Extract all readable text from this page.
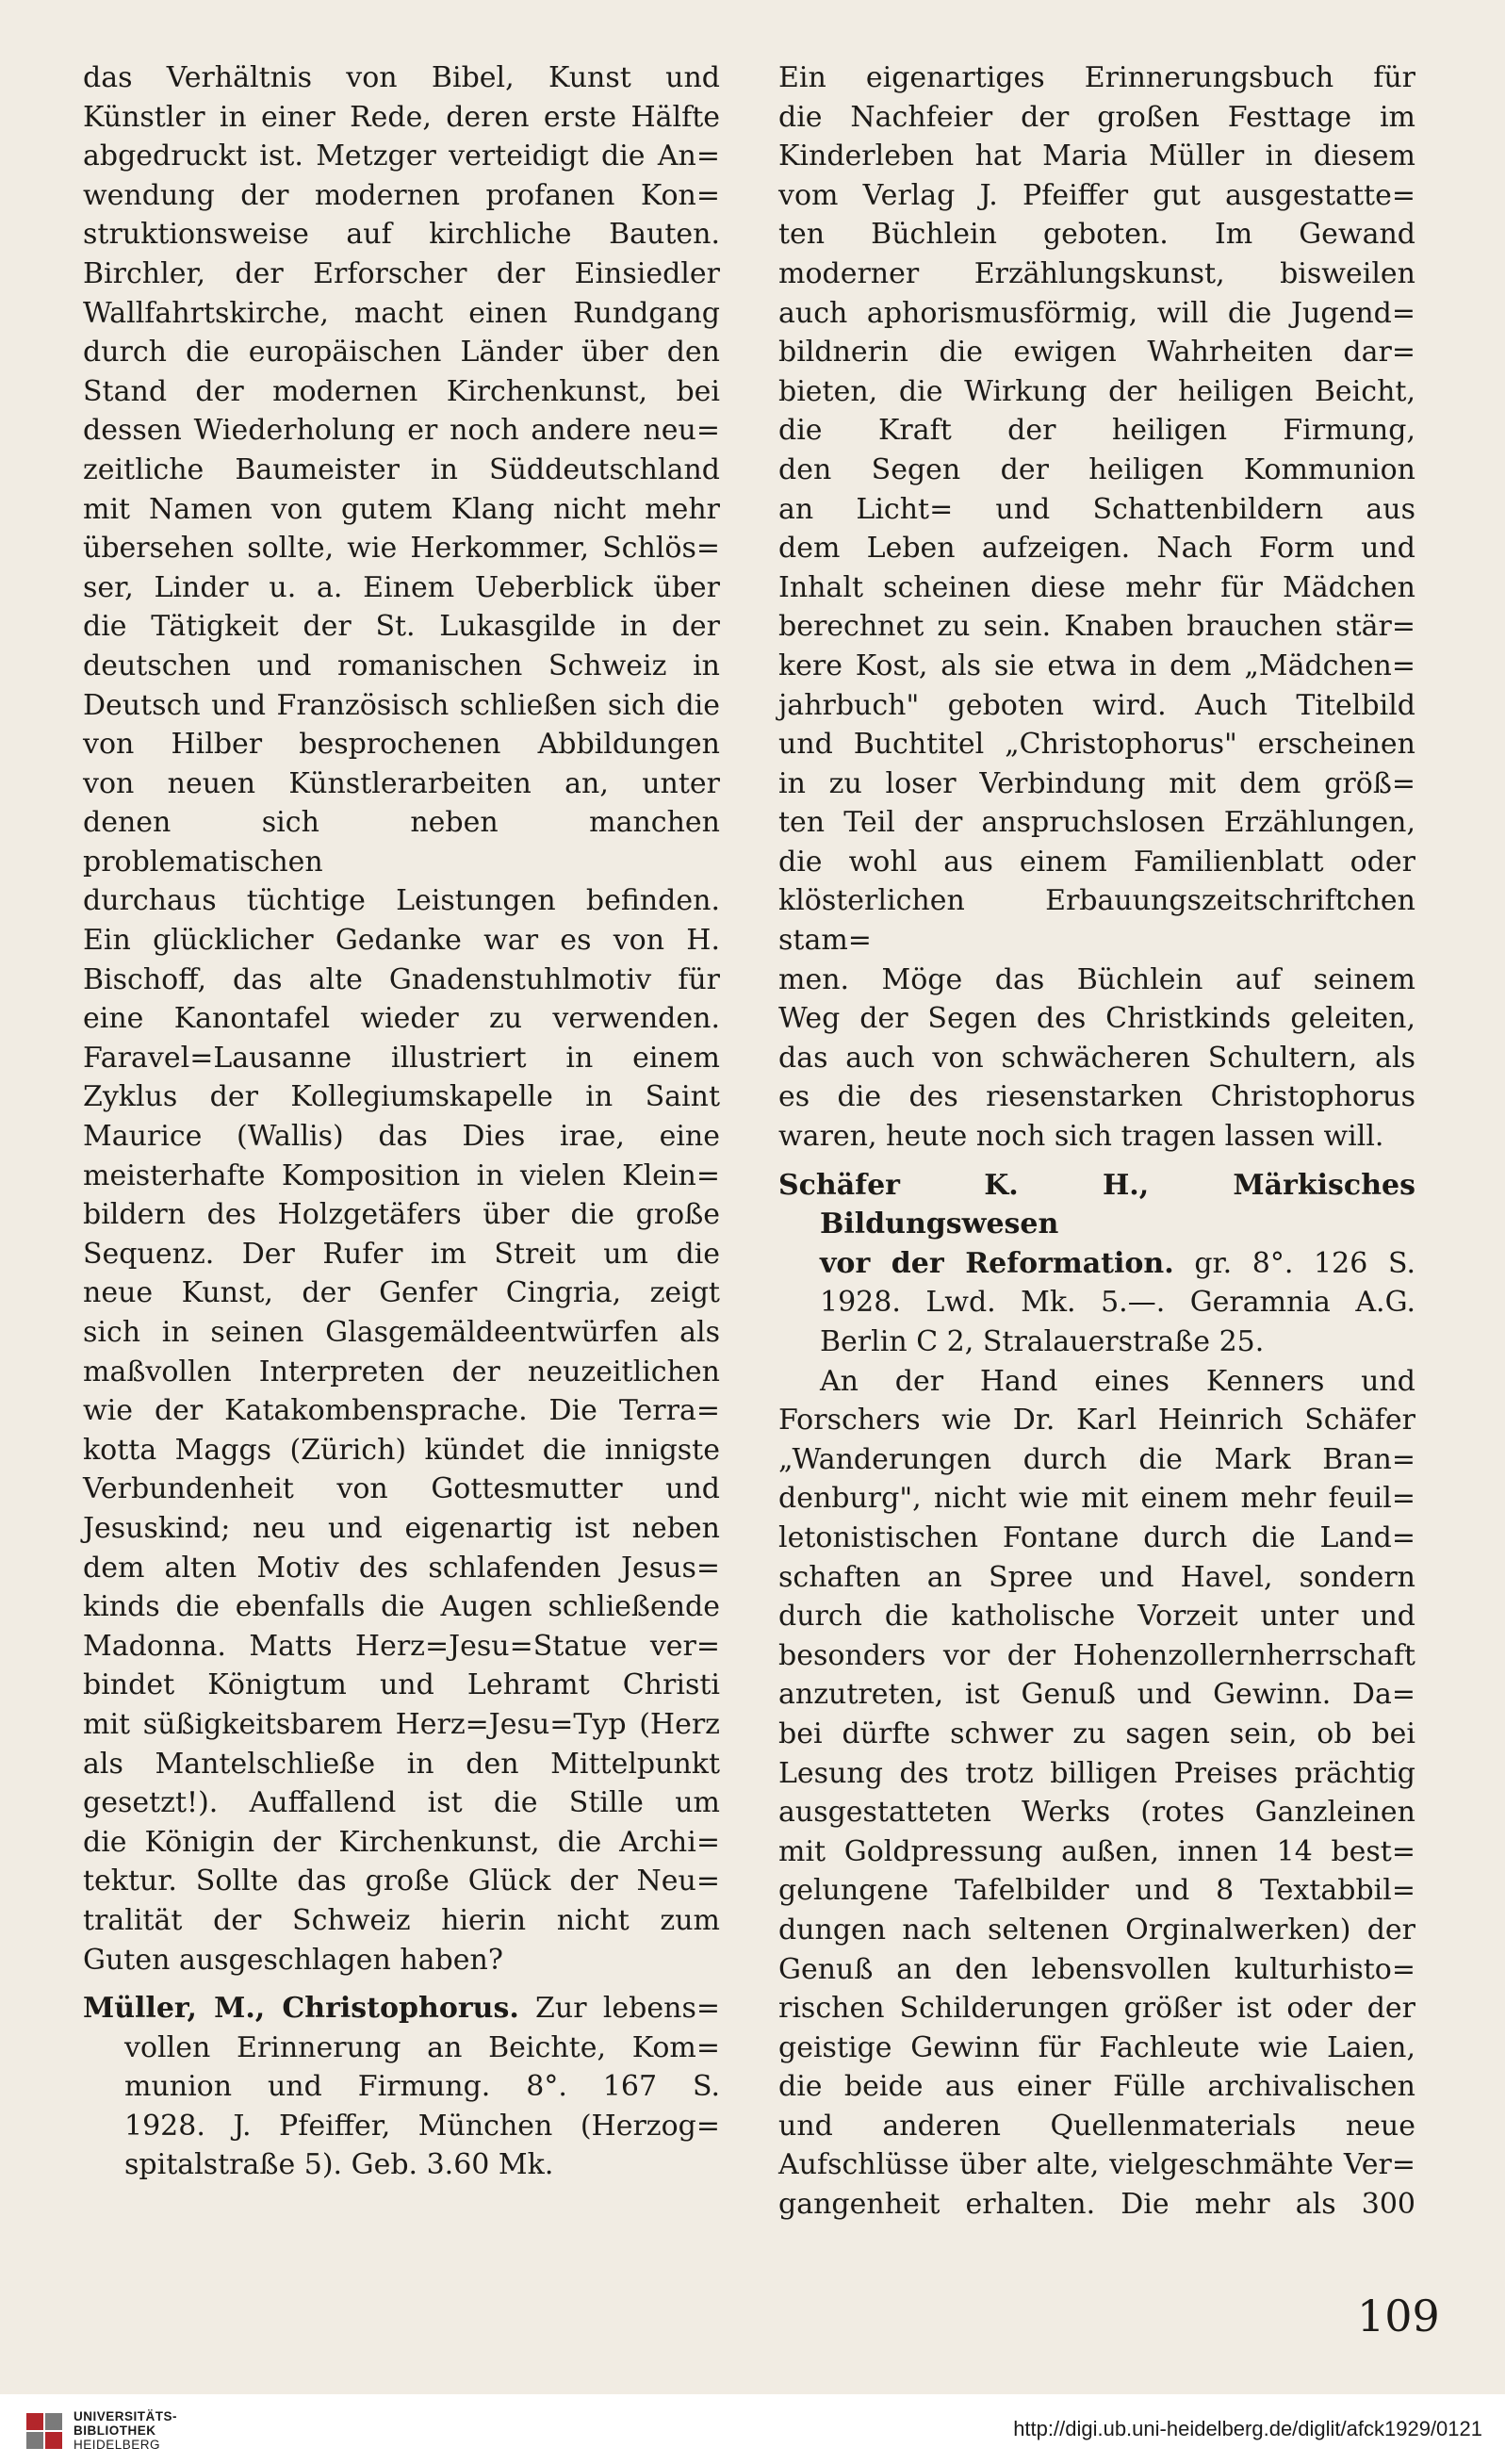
das Verhältnis von Bibel, Kunst und

Künstler in einer Rede, deren erste Hälfte

abgedruckt ist. Metzger verteidigt die An=

wendung der modernen profanen Kon=

struktionsweise auf kirchliche Bauten.

Birchler, der Erforscher der Einsiedler

Wallfahrtskirche, macht einen Rundgang

durch die europäischen Länder über den

Stand der modernen Kirchenkunst, bei

dessen Wiederholung er noch andere neu=

zeitliche Baumeister in Süddeutschland

mit Namen von gutem Klang nicht mehr

übersehen sollte, wie Herkommer, Schlös=

ser, Linder u. a. Einem Ueberblick über

die Tätigkeit der St. Lukasgilde in der

deutschen und romanischen Schweiz in

Deutsch und Französisch schließen sich die

von Hilber besprochenen Abbildungen

von neuen Künstlerarbeiten an, unter

denen sich neben manchen problematischen

durchaus tüchtige Leistungen befinden.

Ein glücklicher Gedanke war es von H.

Bischoff, das alte Gnadenstuhlmotiv für

eine Kanontafel wieder zu verwenden.

Faravel=Lausanne illustriert in einem

Zyklus der Kollegiumskapelle in Saint

Maurice (Wallis) das Dies irae, eine

meisterhafte Komposition in vielen Klein=

bildern des Holzgetäfers über die große

Sequenz. Der Rufer im Streit um die

neue Kunst, der Genfer Cingria, zeigt

sich in seinen Glasgemäldeentwürfen als

maßvollen Interpreten der neuzeitlichen

wie der Katakombensprache. Die Terra=

kotta Maggs (Zürich) kündet die innigste

Verbundenheit von Gottesmutter und

Jesuskind; neu und eigenartig ist neben

dem alten Motiv des schlafenden Jesus=

kinds die ebenfalls die Augen schließende

Madonna. Matts Herz=Jesu=Statue ver=

bindet Königtum und Lehramt Christi

mit süßigkeitsbarem Herz=Jesu=Typ (Herz

als Mantelschließe in den Mittelpunkt

gesetzt!). Auffallend ist die Stille um

die Königin der Kirchenkunst, die Archi=

tektur. Sollte das große Glück der Neu=

tralität der Schweiz hierin nicht zum

Guten ausgeschlagen haben?

Müller, M., Christophorus. Zur lebens=

vollen Erinnerung an Beichte, Kom=

munion und Firmung. 8°. 167 S.

1928. J. Pfeiffer, München (Herzog=

spitalstraße 5). Geb. 3.60 Mk.

Ein eigenartiges Erinnerungsbuch für

die Nachfeier der großen Festtage im

Kinderleben hat Maria Müller in diesem

vom Verlag J. Pfeiffer gut ausgestatte=

ten Büchlein geboten. Im Gewand

moderner Erzählungskunst, bisweilen

auch aphorismusförmig, will die Jugend=

bildnerin die ewigen Wahrheiten dar=

bieten, die Wirkung der heiligen Beicht,

die Kraft der heiligen Firmung,

den Segen der heiligen Kommunion

an Licht= und Schattenbildern aus

dem Leben aufzeigen. Nach Form und

Inhalt scheinen diese mehr für Mädchen

berechnet zu sein. Knaben brauchen stär=

kere Kost, als sie etwa in dem „Mädchen=

jahrbuch" geboten wird. Auch Titelbild

und Buchtitel „Christophorus" erscheinen

in zu loser Verbindung mit dem größ=

ten Teil der anspruchslosen Erzählungen,

die wohl aus einem Familienblatt oder

klösterlichen Erbauungszeitschriftchen stam=

men. Möge das Büchlein auf seinem

Weg der Segen des Christkinds geleiten,

das auch von schwächeren Schultern, als

es die des riesenstarken Christophorus

waren, heute noch sich tragen lassen will.

Schäfer K. H., Märkisches Bildungswesen

vor der Reformation. gr. 8°. 126 S.

1928. Lwd. Mk. 5.—. Geramnia A.G.

Berlin C 2, Stralauerstraße 25.

An der Hand eines Kenners und

Forschers wie Dr. Karl Heinrich Schäfer

„Wanderungen durch die Mark Bran=

denburg", nicht wie mit einem mehr feuil=

letonistischen Fontane durch die Land=

schaften an Spree und Havel, sondern

durch die katholische Vorzeit unter und

besonders vor der Hohenzollernherrschaft

anzutreten, ist Genuß und Gewinn. Da=

bei dürfte schwer zu sagen sein, ob bei

Lesung des trotz billigen Preises prächtig

ausgestatteten Werks (rotes Ganzleinen

mit Goldpressung außen, innen 14 best=

gelungene Tafelbilder und 8 Textabbil=

dungen nach seltenen Orginalwerken) der

Genuß an den lebensvollen kulturhisto=

rischen Schilderungen größer ist oder der

geistige Gewinn für Fachleute wie Laien,

die beide aus einer Fülle archivalischen

und anderen Quellenmaterials neue

Aufschlüsse über alte, vielgeschmähte Ver=

gangenheit erhalten. Die mehr als 300

109
UNIVERSITÄTS-
BIBLIOTHEK
HEIDELBERG
http://digi.ub.uni-heidelberg.de/diglit/afck1929/0121
